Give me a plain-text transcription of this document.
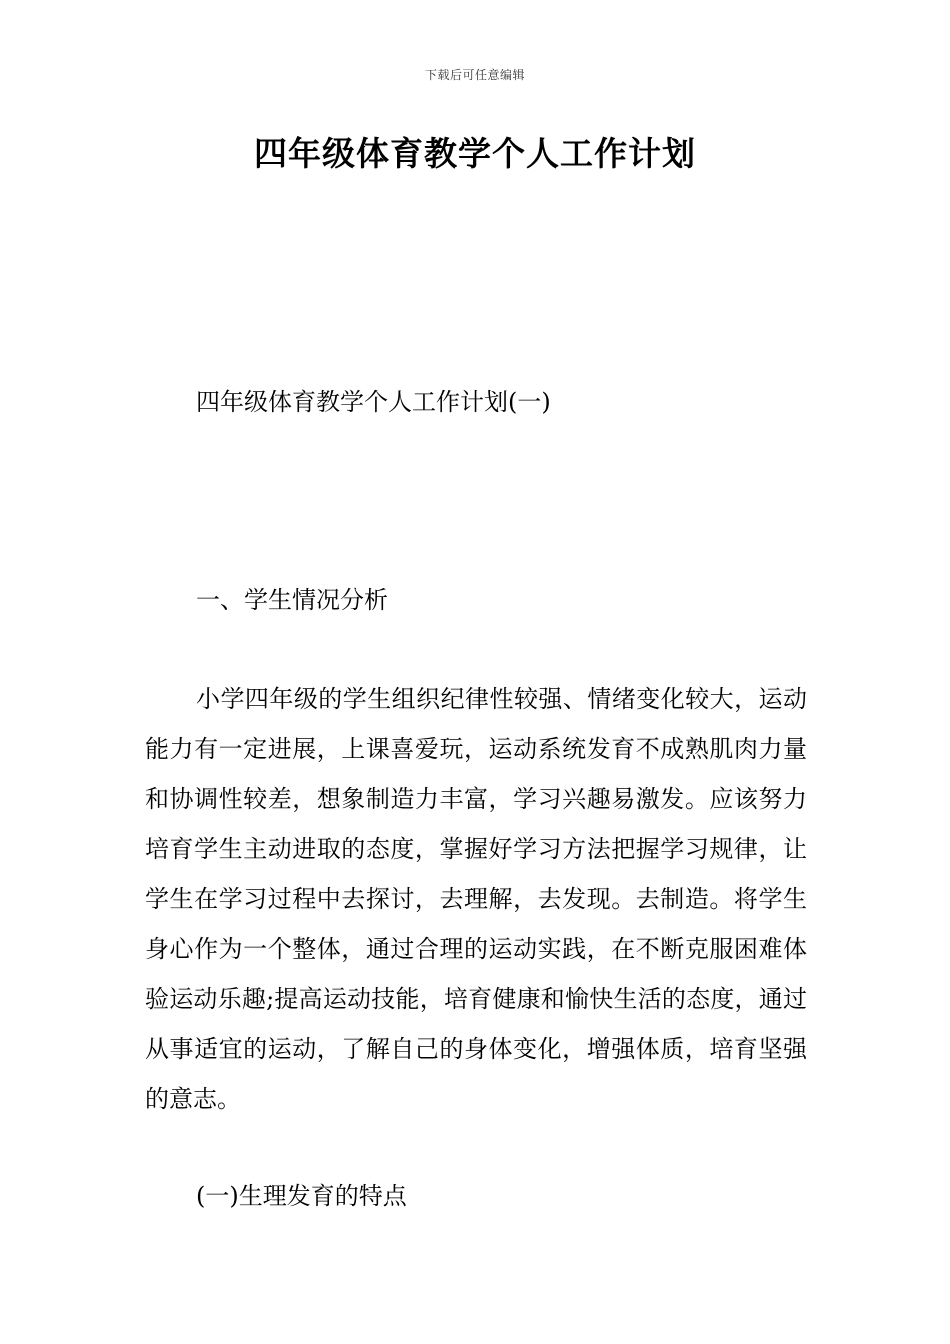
下载后可任意编辑
四年级体育教学个人工作计划
四年级体育教学个人工作计划(一)
一、学生情况分析
小学四年级的学生组织纪律性较强、情绪变化较大，运动能力有一定进展，上课喜爱玩，运动系统发育不成熟肌肉力量和协调性较差，想象制造力丰富，学习兴趣易激发。应该努力培育学生主动进取的态度，掌握好学习方法把握学习规律，让学生在学习过程中去探讨，去理解，去发现。去制造。将学生身心作为一个整体，通过合理的运动实践，在不断克服困难体验运动乐趣;提高运动技能，培育健康和愉快生活的态度，通过从事适宜的运动，了解自己的身体变化，增强体质，培育坚强的意志。
(一)生理发育的特点
